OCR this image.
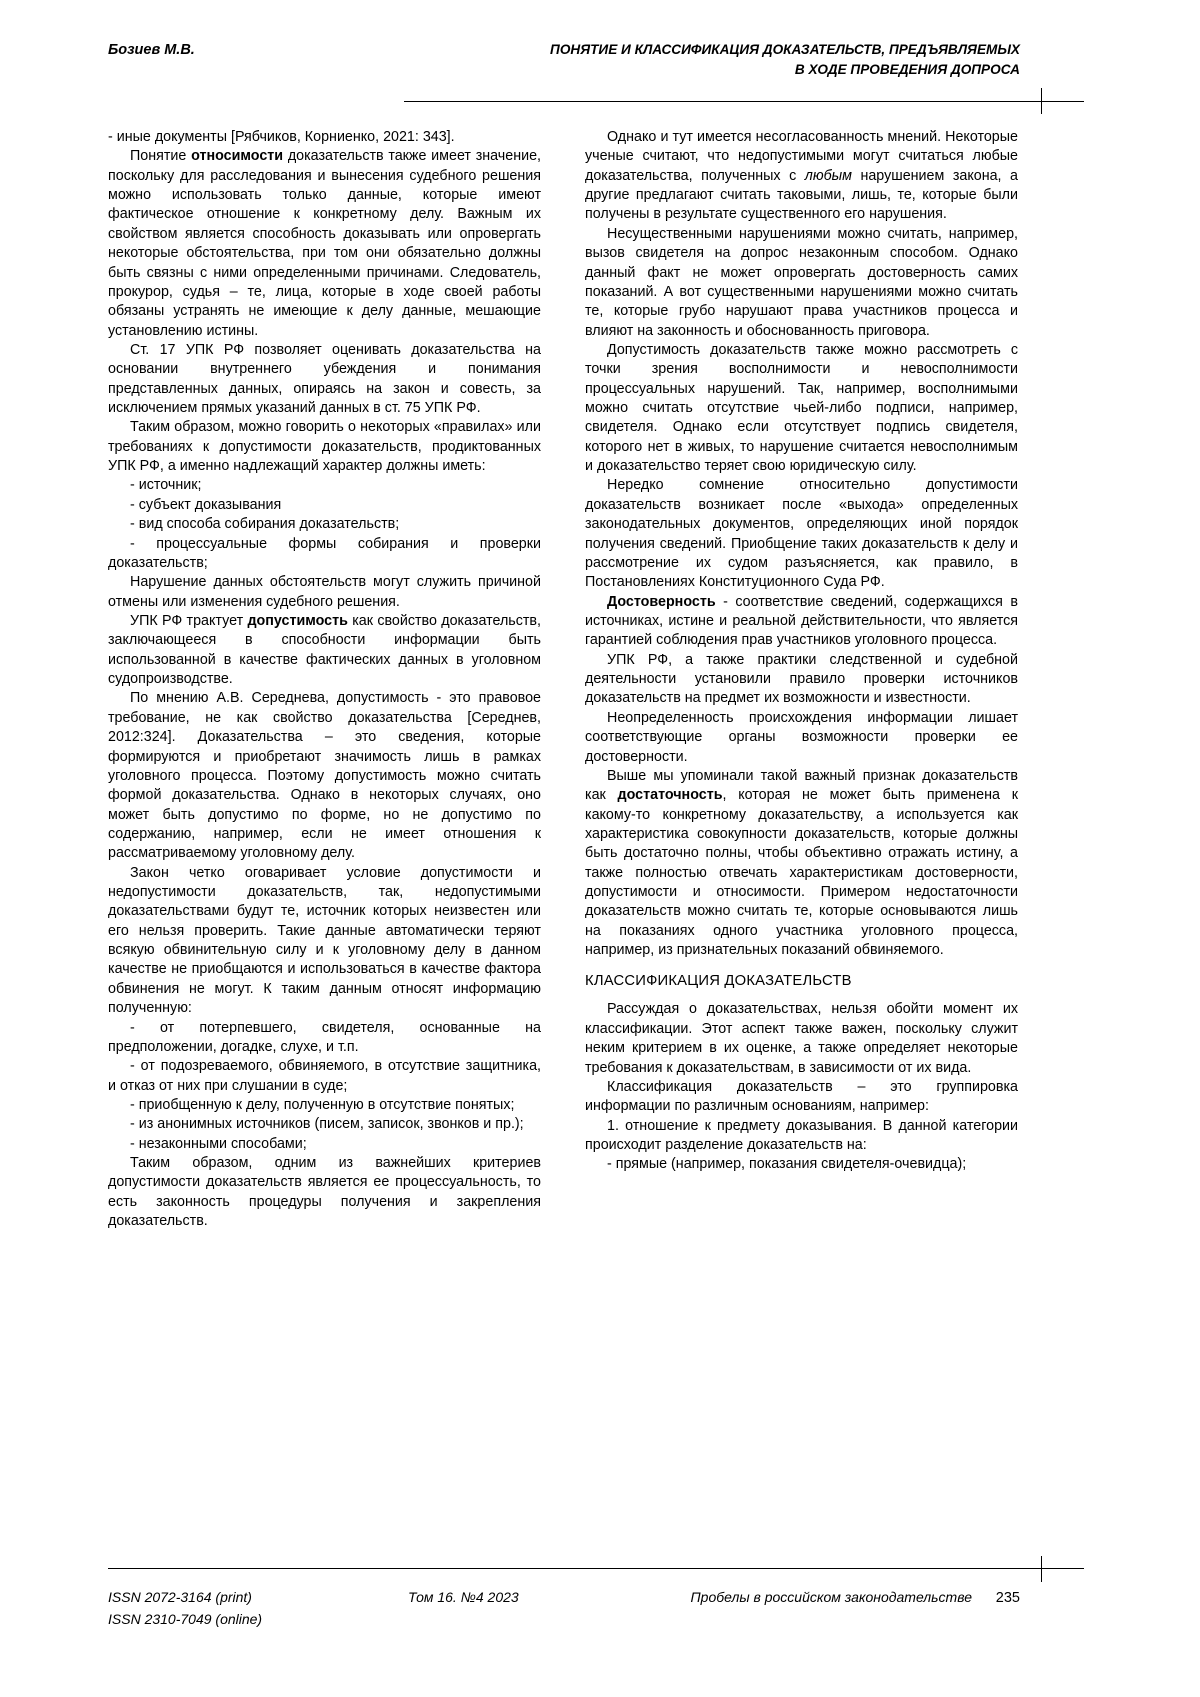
Бозиев М.В.	ПОНЯТИЕ И КЛАССИФИКАЦИЯ ДОКАЗАТЕЛЬСТВ, ПРЕДЪЯВЛЯЕМЫХ
В ХОДЕ ПРОВЕДЕНИЯ ДОПРОСА

- иные документы [Рябчиков, Корниенко, 2021: 343].

Понятие относимости доказательств также имеет значение, поскольку для расследования и вынесения судебного решения можно использовать только данные, которые имеют фактическое отношение к конкретному делу. Важным их свойством является способность доказывать или опровергать некоторые обстоятельства, при том они обязательно должны быть связны с ними определенными причинами. Следователь, прокурор, судья – те, лица, которые в ходе своей работы обязаны устранять не имеющие к делу данные, мешающие установлению истины.

Ст. 17 УПК РФ позволяет оценивать доказательства на основании внутреннего убеждения и понимания представленных данных, опираясь на закон и совесть, за исключением прямых указаний данных в ст. 75 УПК РФ.

Таким образом, можно говорить о некоторых «правилах» или требованиях к допустимости доказательств, продиктованных УПК РФ, а именно надлежащий характер должны иметь:

- источник;

- субъект доказывания

- вид способа собирания доказательств;

- процессуальные формы собирания и проверки доказательств;

Нарушение данных обстоятельств могут служить причиной отмены или изменения судебного решения.

УПК РФ трактует допустимость как свойство доказательств, заключающееся в способности информации быть использованной в качестве фактических данных в уголовном судопроизводстве.

По мнению А.В. Середнева, допустимость - это правовое требование, не как свойство доказательства [Середнев, 2012:324]. Доказательства – это сведения, которые формируются и приобретают значимость лишь в рамках уголовного процесса. Поэтому допустимость можно считать формой доказательства. Однако в некоторых случаях, оно может быть допустимо по форме, но не допустимо по содержанию, например, если не имеет отношения к рассматриваемому уголовному делу.

Закон четко оговаривает условие допустимости и недопустимости доказательств, так, недопустимыми доказательствами будут те, источник которых неизвестен или его нельзя проверить. Такие данные автоматически теряют всякую обвинительную силу и к уголовному делу в данном качестве не приобщаются и использоваться в качестве фактора обвинения не могут. К таким данным относят информацию полученную:

- от потерпевшего, свидетеля, основанные на предположении, догадке, слухе, и т.п.

- от подозреваемого, обвиняемого, в отсутствие защитника, и отказ от них при слушании в суде;

- приобщенную к делу, полученную в отсутствие понятых;

- из анонимных источников (писем, записок, звонков и пр.);

- незаконными способами;

Таким образом, одним из важнейших критериев допустимости доказательств является ее процессуальность, то есть законность процедуры получения и закрепления доказательств.

Однако и тут имеется несогласованность мнений. Некоторые ученые считают, что недопустимыми могут считаться любые доказательства, полученных с любым нарушением закона, а другие предлагают считать таковыми, лишь, те, которые были получены в результате существенного его нарушения.

Несущественными нарушениями можно считать, например, вызов свидетеля на допрос незаконным способом. Однако данный факт не может опровергать достоверность самих показаний. А вот существенными нарушениями можно считать те, которые грубо нарушают права участников процесса и влияют на законность и обоснованность приговора.

Допустимость доказательств также можно рассмотреть с точки зрения восполнимости и невосполнимости процессуальных нарушений. Так, например, восполнимыми можно считать отсутствие чьей-либо подписи, например, свидетеля. Однако если отсутствует подпись свидетеля, которого нет в живых, то нарушение считается невосполнимым и доказательство теряет свою юридическую силу.

Нередко сомнение относительно допустимости доказательств возникает после «выхода» определенных законодательных документов, определяющих иной порядок получения сведений. Приобщение таких доказательств к делу и рассмотрение их судом разъясняется, как правило, в Постановлениях Конституционного Суда РФ.

Достоверность - соответствие сведений, содержащихся в источниках, истине и реальной действительности, что является гарантией соблюдения прав участников уголовного процесса.

УПК РФ, а также практики следственной и судебной деятельности установили правило проверки источников доказательств на предмет их возможности и известности.

Неопределенность происхождения информации лишает соответствующие органы возможности проверки ее достоверности.

Выше мы упоминали такой важный признак доказательств как достаточность, которая не может быть применена к какому-то конкретному доказательству, а используется как характеристика совокупности доказательств, которые должны быть достаточно полны, чтобы объективно отражать истину, а также полностью отвечать характеристикам достоверности, допустимости и относимости. Примером недостаточности доказательств можно считать те, которые основываются лишь на показаниях одного участника уголовного процесса, например, из признательных показаний обвиняемого.

КЛАССИФИКАЦИЯ ДОКАЗАТЕЛЬСТВ

Рассуждая о доказательствах, нельзя обойти момент их классификации. Этот аспект также важен, поскольку служит неким критерием в их оценке, а также определяет некоторые требования к доказательствам, в зависимости от их вида.

Классификация доказательств – это группировка информации по различным основаниям, например:

1. отношение к предмету доказывания. В данной категории происходит разделение доказательств на:

- прямые (например, показания свидетеля-очевидца);

ISSN 2072-3164 (print)
ISSN 2310-7049 (online)
Том 16. №4 2023	Пробелы в российском законодательстве	235
